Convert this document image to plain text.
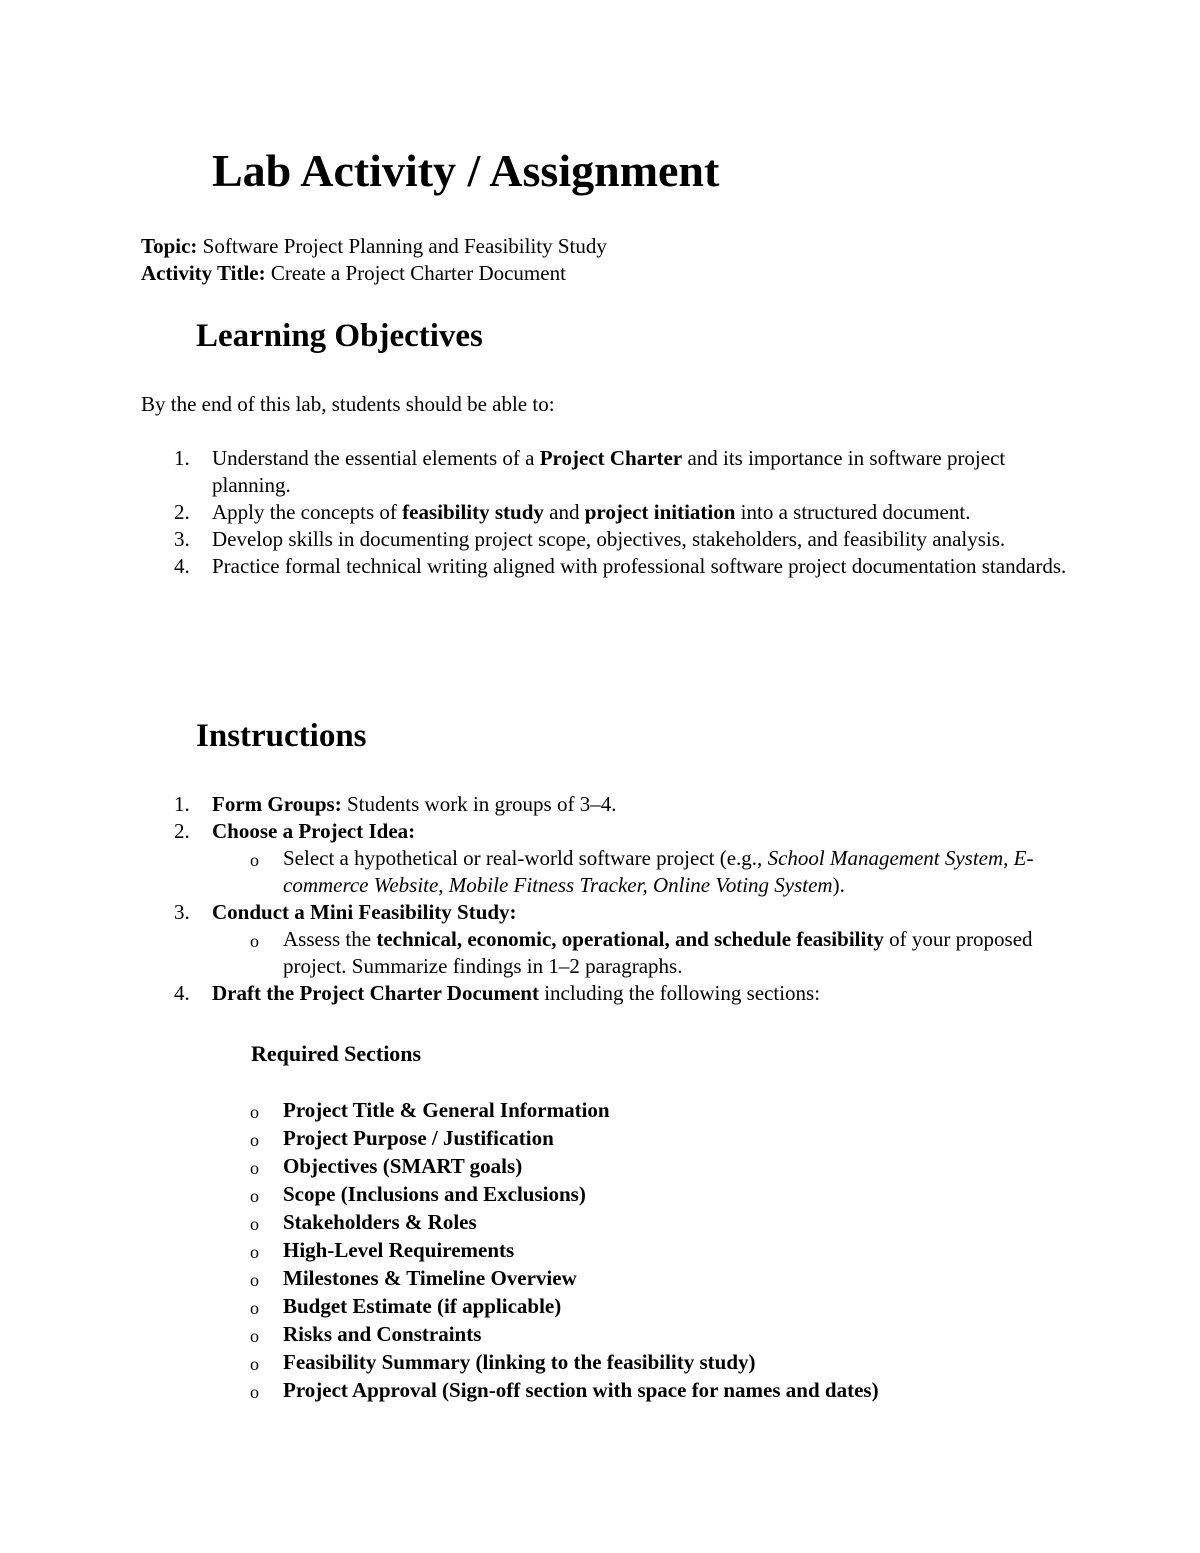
Lab Activity / Assignment

Topic: Software Project Planning and Feasibility Study

Activity Title: Create a Project Charter Document

Learning Objectives

By the end of this lab, students should be able to:

1. Understand the essential elements of a Project Charter and its importance in software project planning.
2. Apply the concepts of feasibility study and project initiation into a structured document.
3. Develop skills in documenting project scope, objectives, stakeholders, and feasibility analysis.
4. Practice formal technical writing aligned with professional software project documentation standards.
Instructions
1. Form Groups: Students work in groups of 3–4.
2. Choose a Project Idea:
o Select a hypothetical or real-world software project (e.g., School Management System, E-commerce Website, Mobile Fitness Tracker, Online Voting System).
3. Conduct a Mini Feasibility Study:
o Assess the technical, economic, operational, and schedule feasibility of your proposed project. Summarize findings in 1–2 paragraphs.
4. Draft the Project Charter Document including the following sections:
Required Sections
o Project Title & General Information
o Project Purpose / Justification
o Objectives (SMART goals)
o Scope (Inclusions and Exclusions)
o Stakeholders & Roles
o High-Level Requirements
o Milestones & Timeline Overview
o Budget Estimate (if applicable)
o Risks and Constraints
o Feasibility Summary (linking to the feasibility study)
o Project Approval (Sign-off section with space for names and dates)
